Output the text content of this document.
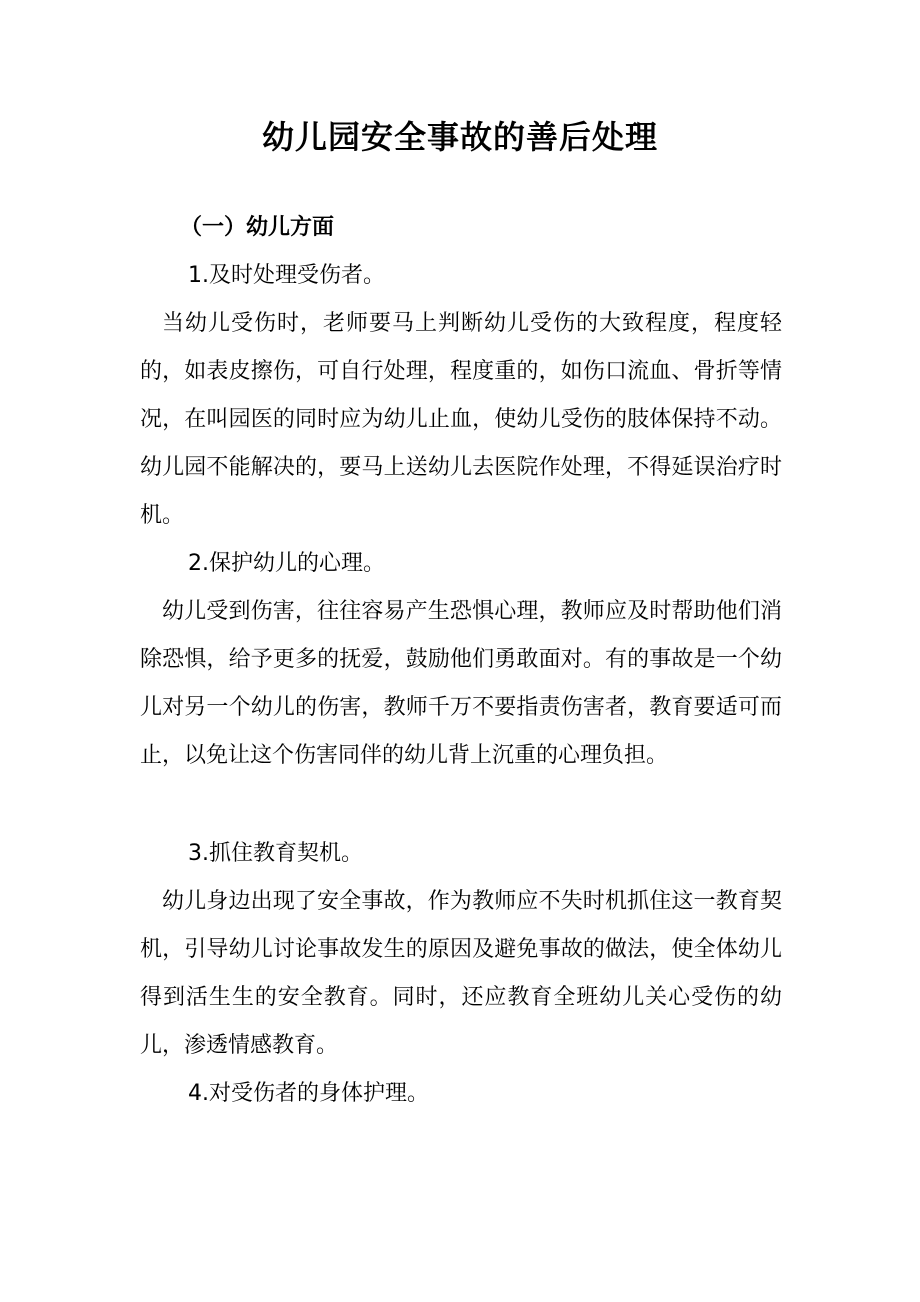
幼儿园安全事故的善后处理
（一）幼儿方面
1.及时处理受伤者。

当幼儿受伤时，老师要马上判断幼儿受伤的大致程度，程度轻的，如表皮擦伤，可自行处理，程度重的，如伤口流血、骨折等情况，在叫园医的同时应为幼儿止血，使幼儿受伤的肢体保持不动。幼儿园不能解决的，要马上送幼儿去医院作处理，不得延误治疗时机。

2.保护幼儿的心理。

幼儿受到伤害，往往容易产生恐惧心理，教师应及时帮助他们消除恐惧，给予更多的抚爱，鼓励他们勇敢面对。有的事故是一个幼儿对另一个幼儿的伤害，教师千万不要指责伤害者，教育要适可而止，以免让这个伤害同伴的幼儿背上沉重的心理负担。

3.抓住教育契机。

幼儿身边出现了安全事故，作为教师应不失时机抓住这一教育契机，引导幼儿讨论事故发生的原因及避免事故的做法，使全体幼儿得到活生生的安全教育。同时，还应教育全班幼儿关心受伤的幼儿，渗透情感教育。

4.对受伤者的身体护理。
